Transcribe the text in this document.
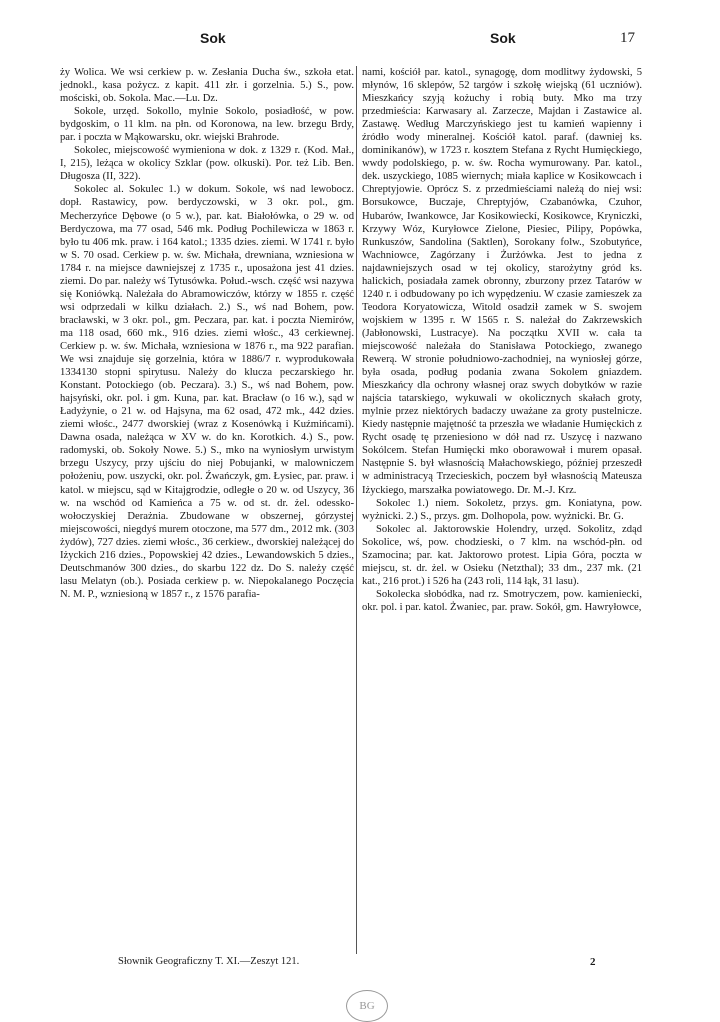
Sok	Sok	17

ży Wolica. We wsi cerkiew p. w. Zesłania Ducha św., szkoła etat. jednokl., kasa pożycz. z kapit. 411 złr. i gorzelnia. 5.) S., pow. mościski, ob. Sokola. Mac.—Lu. Dz.

Sokole, urzęd. Sokollo, mylnie Sokolo, posiadłość, w pow. bydgoskim, o 11 klm. na płn. od Koronowa, na lew. brzegu Brdy, par. i poczta w Mąkowarsku, okr. wiejski Brahrode.

Sokolec, miejscowość wymieniona w dok. z 1329 r. (Kod. Mał., I, 215), leżąca w okolicy Szklar (pow. olkuski). Por. też Lib. Ben. Długosza (II, 322).

Sokolec al. Sokulec 1.) w dokum. Sokole, wś nad lewobocz. dopł. Rastawicy, pow. berdyczowski, w 3 okr. pol., gm. Mecherzyńce Dębowe (o 5 w.), par. kat. Białołówka, o 29 w. od Berdyczowa, ma 77 osad, 546 mk. Podług Pochilewicza w 1863 r. było tu 406 mk. praw. i 164 katol.; 1335 dzies. ziemi. W 1741 r. było w S. 70 osad. Cerkiew p. w. św. Michała, drewniana, wzniesiona w 1784 r. na miejsce dawniejszej z 1735 r., uposażona jest 41 dzies. ziemi. Do par. należy wś Tytusówka. Połud.-wsch. część wsi nazywa się Koniówką. Należała do Abramowiczów, którzy w 1855 r. część wsi odprzedali w kilku działach. 2.) S., wś nad Bohem, pow. bracławski, w 3 okr. pol., gm. Peczara, par. kat. i poczta Niemirów, ma 118 osad, 660 mk., 916 dzies. ziemi włośc., 43 cerkiewnej. Cerkiew p. w. św. Michała, wzniesiona w 1876 r., ma 922 parafian. We wsi znajduje się gorzelnia, która w 1886/7 r. wyprodukowała 1334130 stopni spirytusu. Należy do klucza peczarskiego hr. Konstant. Potockiego (ob. Peczara). 3.) S., wś nad Bohem, pow. hajsyński, okr. pol. i gm. Kuna, par. kat. Bracław (o 16 w.), sąd w Ładyżynie, o 21 w. od Hajsyna, ma 62 osad, 472 mk., 442 dzies. ziemi włośc., 2477 dworskiej (wraz z Kosenówką i Kuźmińcami). Dawna osada, należąca w XV w. do kn. Korotkich. 4.) S., pow. radomyski, ob. Sokoły Nowe. 5.) S., mko na wyniosłym urwistym brzegu Uszycy, przy ujściu do niej Pobujanki, w malowniczem położeniu, pow. uszycki, okr. pol. Źwańczyk, gm. Łysiec, par. praw. i katol. w miejscu, sąd w Kitajgrodzie, odległe o 20 w. od Uszycy, 36 w. na wschód od Kamieńca a 75 w. od st. dr. żel. odessko-wołoczyskiej Derażnia. Zbudowane w obszernej, górzystej miejscowości, niegdyś murem otoczone, ma 577 dm., 2012 mk. (303 żydów), 727 dzies. ziemi włośc., 36 cerkiew., dworskiej należącej do Iżyckich 216 dzies., Popowskiej 42 dzies., Lewandowskich 5 dzies., Deutschmanów 300 dzies., do skarbu 122 dz. Do S. należy część lasu Melatyn (ob.). Posiada cerkiew p. w. Niepokalanego Poczęcia N. M. P., wzniesioną w 1857 r., z 1576 parafia-

nami, kościół par. katol., synagogę, dom modlitwy żydowski, 5 młynów, 16 sklepów, 52 targów i szkołę wiejską (61 uczniów). Mieszkańcy szyją kożuchy i robią buty. Mko ma trzy przedmieścia: Karwasary al. Zarzecze, Majdan i Zastawice al. Zastawę. Według Marczyńskiego jest tu kamień wapienny i źródło wody mineralnej. Kościół katol. paraf. (dawniej ks. dominikanów), w 1723 r. kosztem Stefana z Rycht Humięckiego, wwdy podolskiego, p. w. św. Rocha wymurowany. Par. katol., dek. uszyckiego, 1085 wiernych; miała kaplice w Kosikowcach i Chreptyjowie. Oprócz S. z przedmieściami należą do niej wsi: Borsukowce, Buczaje, Chreptyjów, Czabanówka, Czuhor, Hubarów, Iwankowce, Jar Kosikowieckí, Kosikowce, Kryniczki, Krzywy Wóz, Kuryłowce Zielone, Piesiec, Pilipy, Popówka, Runkuszów, Sandolina (Saktlen), Sorokany folw., Szobutyńce, Wachniowce, Zagórzany i Żurżówka. Jest to jedna z najdawniejszych osad w tej okolicy, starożytny gród ks. halickich, posiadała zamek obronny, zburzony przez Tatarów w 1240 r. i odbudowany po ich wypędzeniu. W czasie zamieszek za Teodora Koryatowicza, Witold osadził zamek w S. swojem wojskiem w 1395 r. W 1565 r. S. należał do Zakrzewskich (Jabłonowski, Lustracye). Na początku XVII w. cała ta miejscowość należała do Stanisława Potockiego, zwanego Rewerą. W stronie południowo-zachodniej, na wyniosłej górze, była osada, podług podania zwana Sokolem gniazdem. Mieszkańcy dla ochrony własnej oraz swych dobytków w razie najścia tatarskiego, wykuwali w okolicznych skałach groty, mylnie przez niektórych badaczy uważane za groty pustelnicze. Kiedy następnie majętność ta przeszła we władanie Humięckich z Rycht osadę tę przeniesiono w dół nad rz. Uszycę i nazwano Sokólcem. Stefan Humięcki mko oborawował i murem opasał. Następnie S. był własnością Małachowskiego, później przeszedł w administracyą Trzecieskich, poczem był własnością Mateusza Iżyckiego, marszałka powiatowego. Dr. M.-J. Krz.

Sokolec 1.) niem. Sokoletz, przys. gm. Koniatyna, pow. wyżnicki. 2.) S., przys. gm. Dolhopola, pow. wyżnicki. Br. G.

Sokolec al. Jaktorowskie Holendry, urzęd. Sokolitz, zdąd Sokolice, wś, pow. chodzieski, o 7 klm. na wschód-płn. od Szamocina; par. kat. Jaktorowo protest. Lipia Góra, poczta w miejscu, st. dr. żel. w Osieku (Netzthal); 33 dm., 237 mk. (21 kat., 216 prot.) i 526 ha (243 roli, 114 łąk, 31 lasu).

Sokolecka słobódka, nad rz. Smotryczem, pow. kamieniecki, okr. pol. i par. katol. Żwaniec, par. praw. Sokół, gm. Hawryłowce,

Słownik Geograficzny T. XI.—Zeszyt 121.	2
BG
